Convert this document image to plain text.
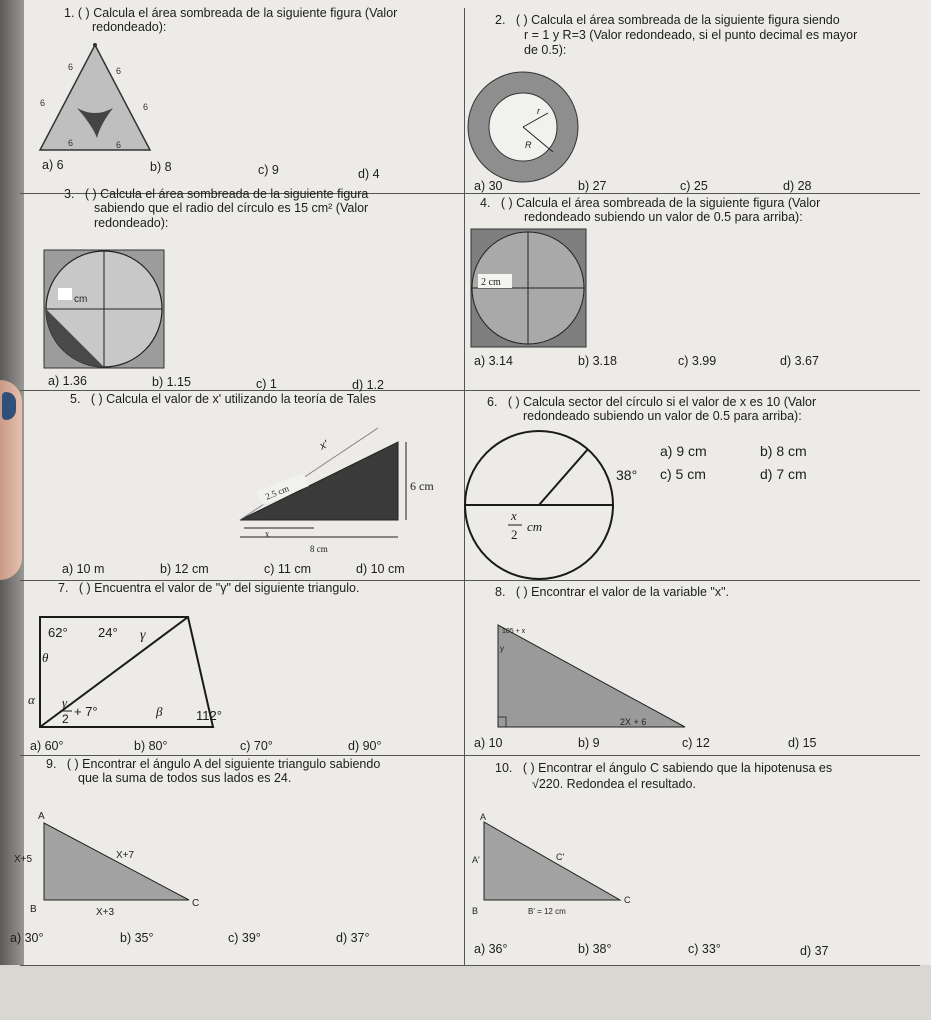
1. ( ) Calcula el área sombreada de la siguiente figura (Valor
redondeado):
6	6
6	6
6	6
a) 6	b) 8	c) 9	d) 4
2. ( ) Calcula el área sombreada de la siguiente figura siendo
r = 1 y R=3 (Valor redondeado, si el punto decimal es mayor
de 0.5):
r
R
a) 30	b) 27	c) 25	d) 28
3. ( ) Calcula el área sombreada de la siguiente figura
sabiendo que el radio del círculo es 15 cm² (Valor
redondeado):
cm
a) 1.36	b) 1.15	c) 1	d) 1.2
4. ( ) Calcula el área sombreada de la siguiente figura (Valor
redondeado subiendo un valor de 0.5 para arriba):
2 cm
a) 3.14	b) 3.18	c) 3.99	d) 3.67
5. ( ) Calcula el valor de x' utilizando la teoría de Tales
2.5 cm
x'
6 cm
x
8 cm
a) 10 m	b) 12 cm	c) 11 cm	d) 10 cm
6. ( ) Calcula sector del círculo si el valor de x es 10 (Valor
redondeado subiendo un valor de 0.5 para arriba):
38°
x
2
cm
a) 9 cm	b) 8 cm
c) 5 cm	d) 7 cm
7. ( ) Encuentra el valor de "γ" del siguiente triangulo.
62° 24° γ
θ
α γ
2 + 7°	β	112°
a) 60°	b) 80°	c) 70°	d) 90°
8. ( ) Encontrar el valor de la variable "x".
105 + x
y
2X + 6
a) 10	b) 9	c) 12	d) 15
9. ( ) Encontrar el ángulo A del siguiente triangulo sabiendo
que la suma de todos sus lados es 24.
A
B
C
X+5	X+7
X+3
a) 30°	b) 35°	c) 39°	d) 37°
10. ( ) Encontrar el ángulo C sabiendo que la hipotenusa es
√220. Redondea el resultado.
A
A'
B
C'
C
B' = 12 cm
a) 36°	b) 38°	c) 33°	d) 37
